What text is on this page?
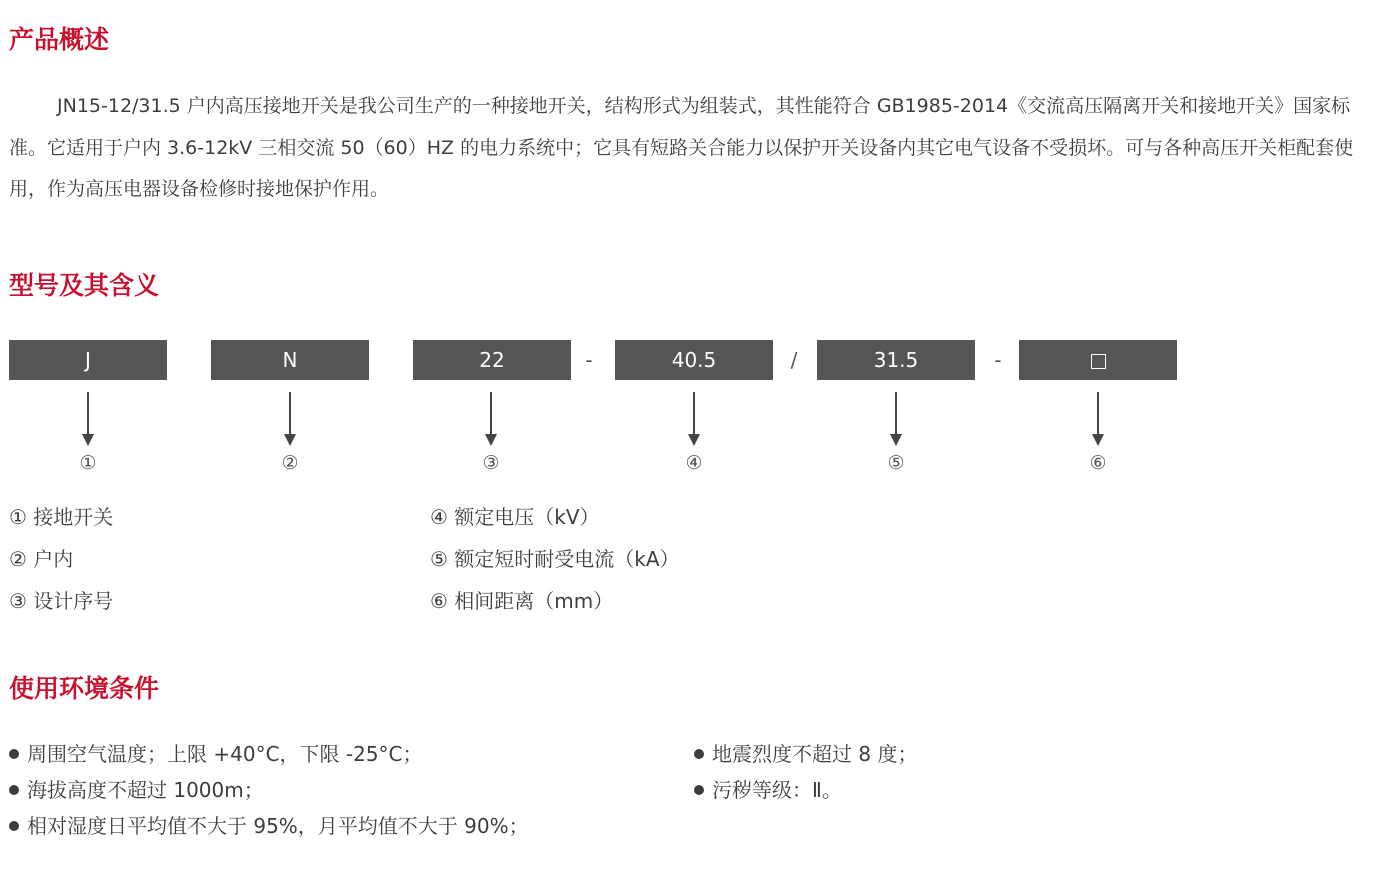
产品概述

JN15-12/31.5 户内高压接地开关是我公司生产的一种接地开关，结构形式为组装式，其性能符合 GB1985-2014《交流高压隔离开关和接地开关》国家标准。它适用于户内 3.6-12kV 三相交流 50（60）HZ 的电力系统中；它具有短路关合能力以保护开关设备内其它电气设备不受损坏。可与各种高压开关柜配套使用，作为高压电器设备检修时接地保护作用。

型号及其含义
J	N	22	-	40.5	/	31.5	-
①	②	③	④	⑤	⑥

① 接地开关

② 户内

③ 设计序号

④ 额定电压（kV）

⑤ 额定短时耐受电流（kA）

⑥ 相间距离（mm）

使用环境条件

周围空气温度；上限 +40°C，下限 -25°C；

海拔高度不超过 1000m；

相对湿度日平均值不大于 95%，月平均值不大于 90%；

地震烈度不超过 8 度；

污秽等级：Ⅱ。
